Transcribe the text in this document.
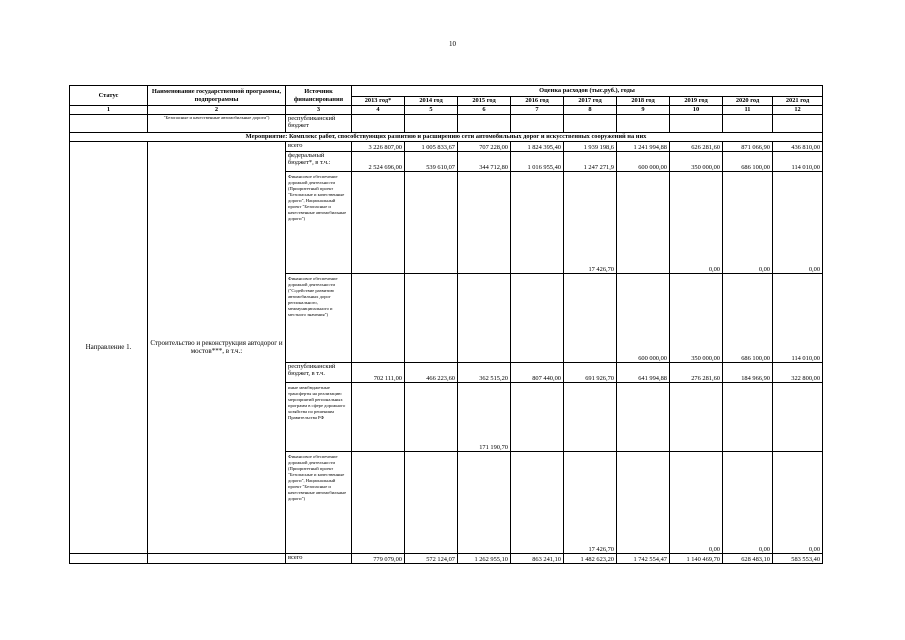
10
Статус	Наименование государственной программы, подпрограммы	Источник финансирования	Оценка расходов (тыс.руб.), годы								
			2013 год*	2014 год	2015 год	2016 год	2017 год	2018 год	2019 год	2020 год	2021 год
1	2	3	4	5	6	7	8	9	10	11	12
	"Безопасные и качественные автомобильные дороги")	республиканский бюджет									
Мероприятие: Комплекс работ, способствующих развитию и расширению сети автомобильных дорог и искусственных сооружений на них											
Направление 1.	Строительство и реконструкция автодорог и мостов***, в т.ч.:	всего	3 226 807,00	1 005 833,67	707 228,00	1 824 395,40	1 939 198,6	1 241 994,88	626 281,60	871 066,90	436 810,00
		федеральный бюджет*, в т.ч.:	2 524 696,00	539 610,07	344 712,80	1 016 955,40	1 247 271,9	600 000,00	350 000,00	686 100,00	114 010,00
		Финансовое обеспечение дорожной деятельности (Приоритетный проект "Безопасные и качественные дороги", Национальный проект "Безопасные и качественные автомобильные дороги")					17 426,70		0,00	0,00	0,00
		Финансовое обеспечение дорожной деятельности ("Содействие развитию автомобильных дорог регионального, межмуниципального и местного значения")						600 000,00	350 000,00	686 100,00	114 010,00
		республиканский бюджет, в т.ч.	702 111,00	466 223,60	362 515,20	807 440,00	691 926,70	641 994,88	276 281,60	184 966,90	322 800,00
		иные межбюджетные трансферты на реализацию мероприятий региональных программ в сфере дорожного хозяйства по решениям Правительства РФ			171 190,70						
		Финансовое обеспечение дорожной деятельности (Приоритетный проект "Безопасные и качественные дороги", Национальный проект "Безопасные и качественные автомобильные дороги")					17 426,70		0,00	0,00	0,00
		всего	779 079,00	572 124,07	1 262 955,10	863 241,10	1 482 623,20	1 742 554,47	1 140 469,70	628 483,10	583 553,40
